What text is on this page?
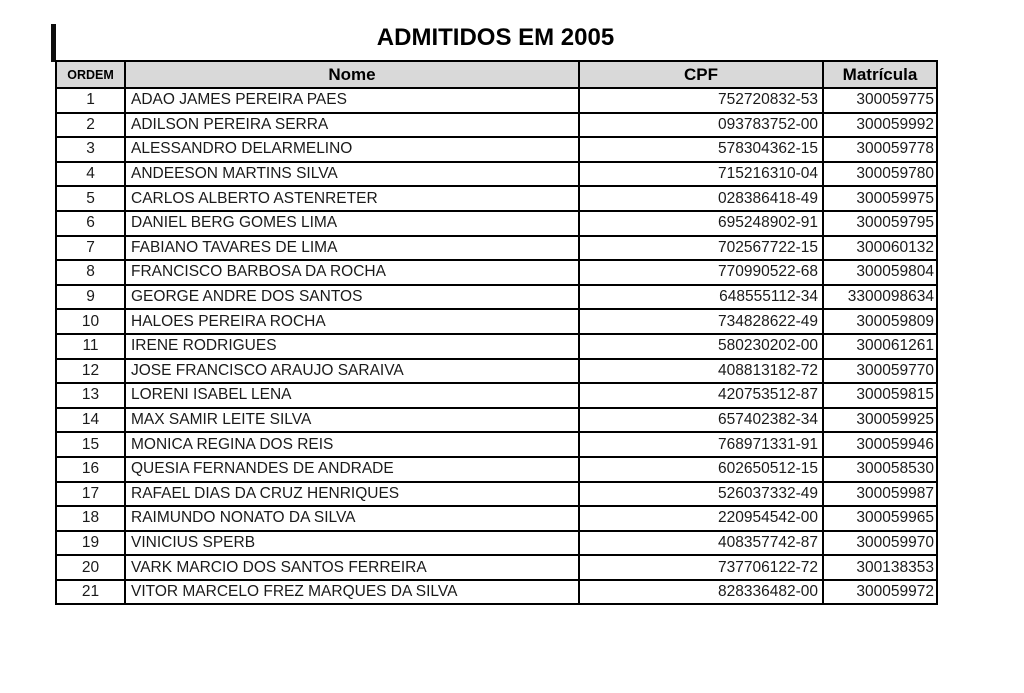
ADMITIDOS EM 2005
ORDEM	Nome	CPF	Matrícula
1	ADAO JAMES PEREIRA PAES	752720832-53	300059775
2	ADILSON PEREIRA SERRA	093783752-00	300059992
3	ALESSANDRO DELARMELINO	578304362-15	300059778
4	ANDEESON MARTINS SILVA	715216310-04	300059780
5	CARLOS ALBERTO ASTENRETER	028386418-49	300059975
6	DANIEL BERG GOMES LIMA	695248902-91	300059795
7	FABIANO TAVARES DE LIMA	702567722-15	300060132
8	FRANCISCO BARBOSA DA ROCHA	770990522-68	300059804
9	GEORGE ANDRE DOS SANTOS	648555112-34	3300098634
10	HALOES PEREIRA ROCHA	734828622-49	300059809
11	IRENE RODRIGUES	580230202-00	300061261
12	JOSE FRANCISCO ARAUJO SARAIVA	408813182-72	300059770
13	LORENI ISABEL LENA	420753512-87	300059815
14	MAX SAMIR LEITE SILVA	657402382-34	300059925
15	MONICA REGINA DOS REIS	768971331-91	300059946
16	QUESIA FERNANDES DE ANDRADE	602650512-15	300058530
17	RAFAEL DIAS DA CRUZ HENRIQUES	526037332-49	300059987
18	RAIMUNDO NONATO DA SILVA	220954542-00	300059965
19	VINICIUS SPERB	408357742-87	300059970
20	VARK MARCIO DOS SANTOS FERREIRA	737706122-72	300138353
21	VITOR MARCELO FREZ MARQUES DA SILVA	828336482-00	300059972
